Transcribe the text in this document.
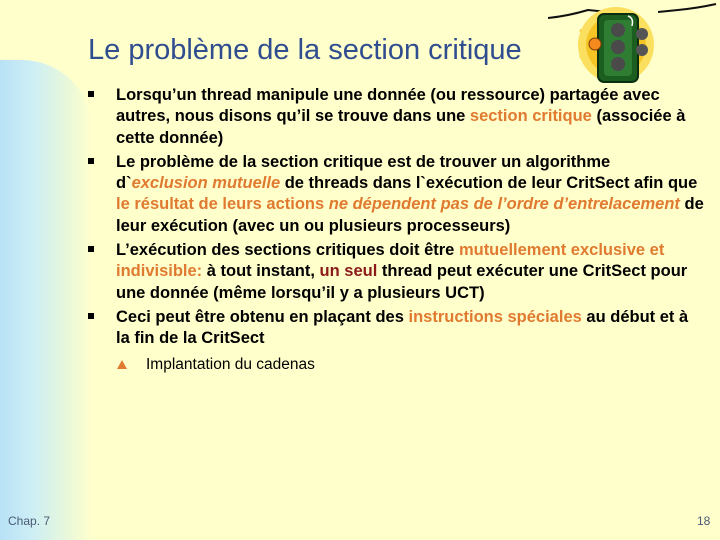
Le problème de la section critique
Lorsqu’un thread manipule une donnée (ou ressource) partagée avec autres, nous disons qu’il se trouve dans une section critique (associée à cette donnée)
Le problème de la section critique est de trouver un algorithme d`exclusion mutuelle de threads dans l`exécution de leur CritSect afin que le résultat de leurs actions ne dépendent pas de l’ordre d’entrelacement de leur exécution (avec un ou plusieurs processeurs)
L’exécution des sections critiques doit être mutuellement exclusive et indivisible: à tout instant, un seul thread peut exécuter une CritSect pour une donnée (même lorsqu’il y a plusieurs UCT)
Ceci peut être obtenu en plaçant des instructions spéciales au début et à la fin de la CritSect
Implantation du cadenas
Chap. 7	18
